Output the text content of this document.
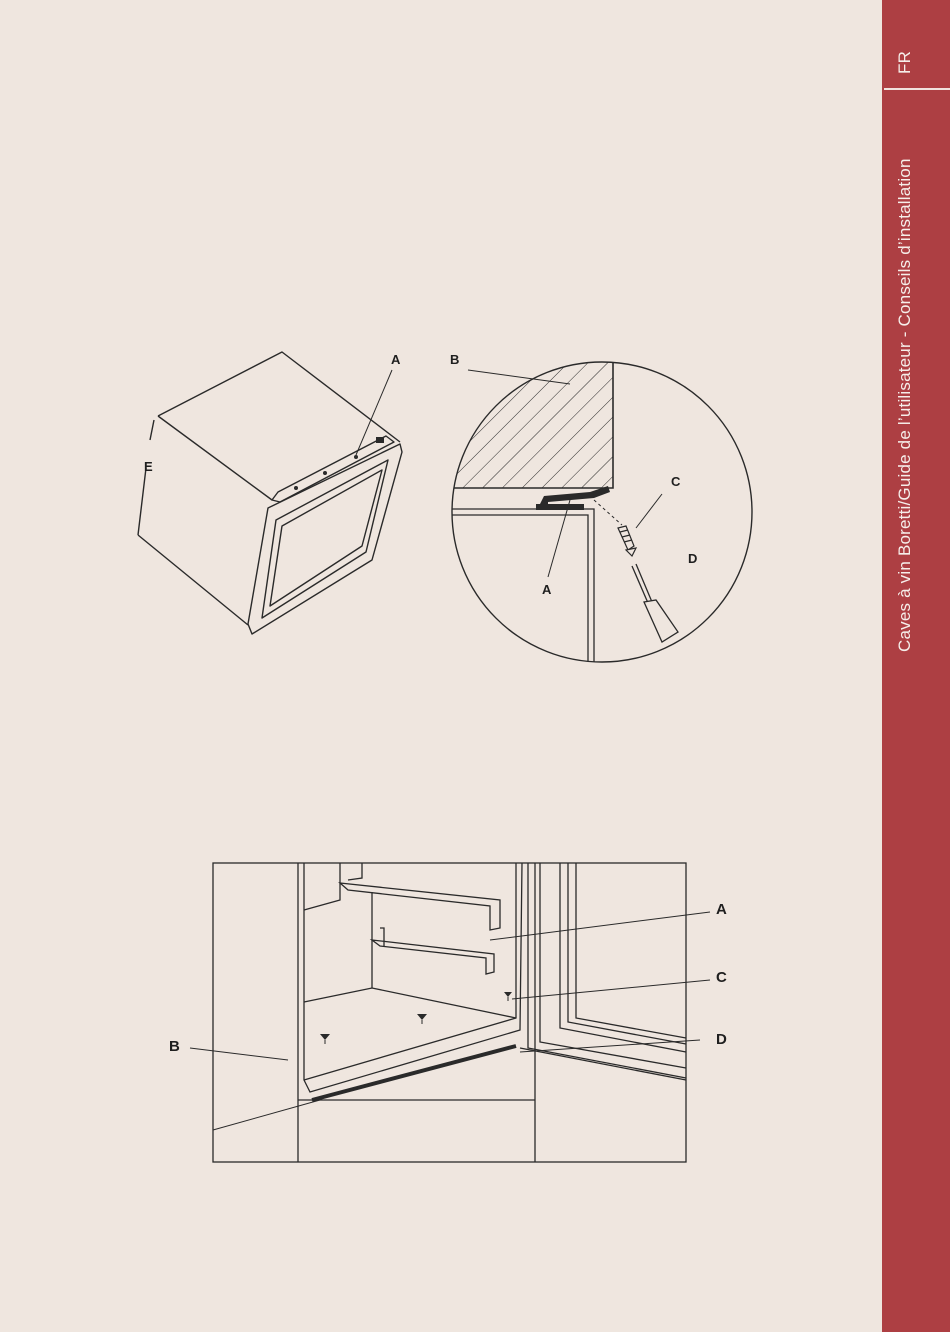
FR
Caves à vin Boretti/Guide de l’utilisateur - Conseils d’installation
A
E
B
C
D
A
A
C
D
B
